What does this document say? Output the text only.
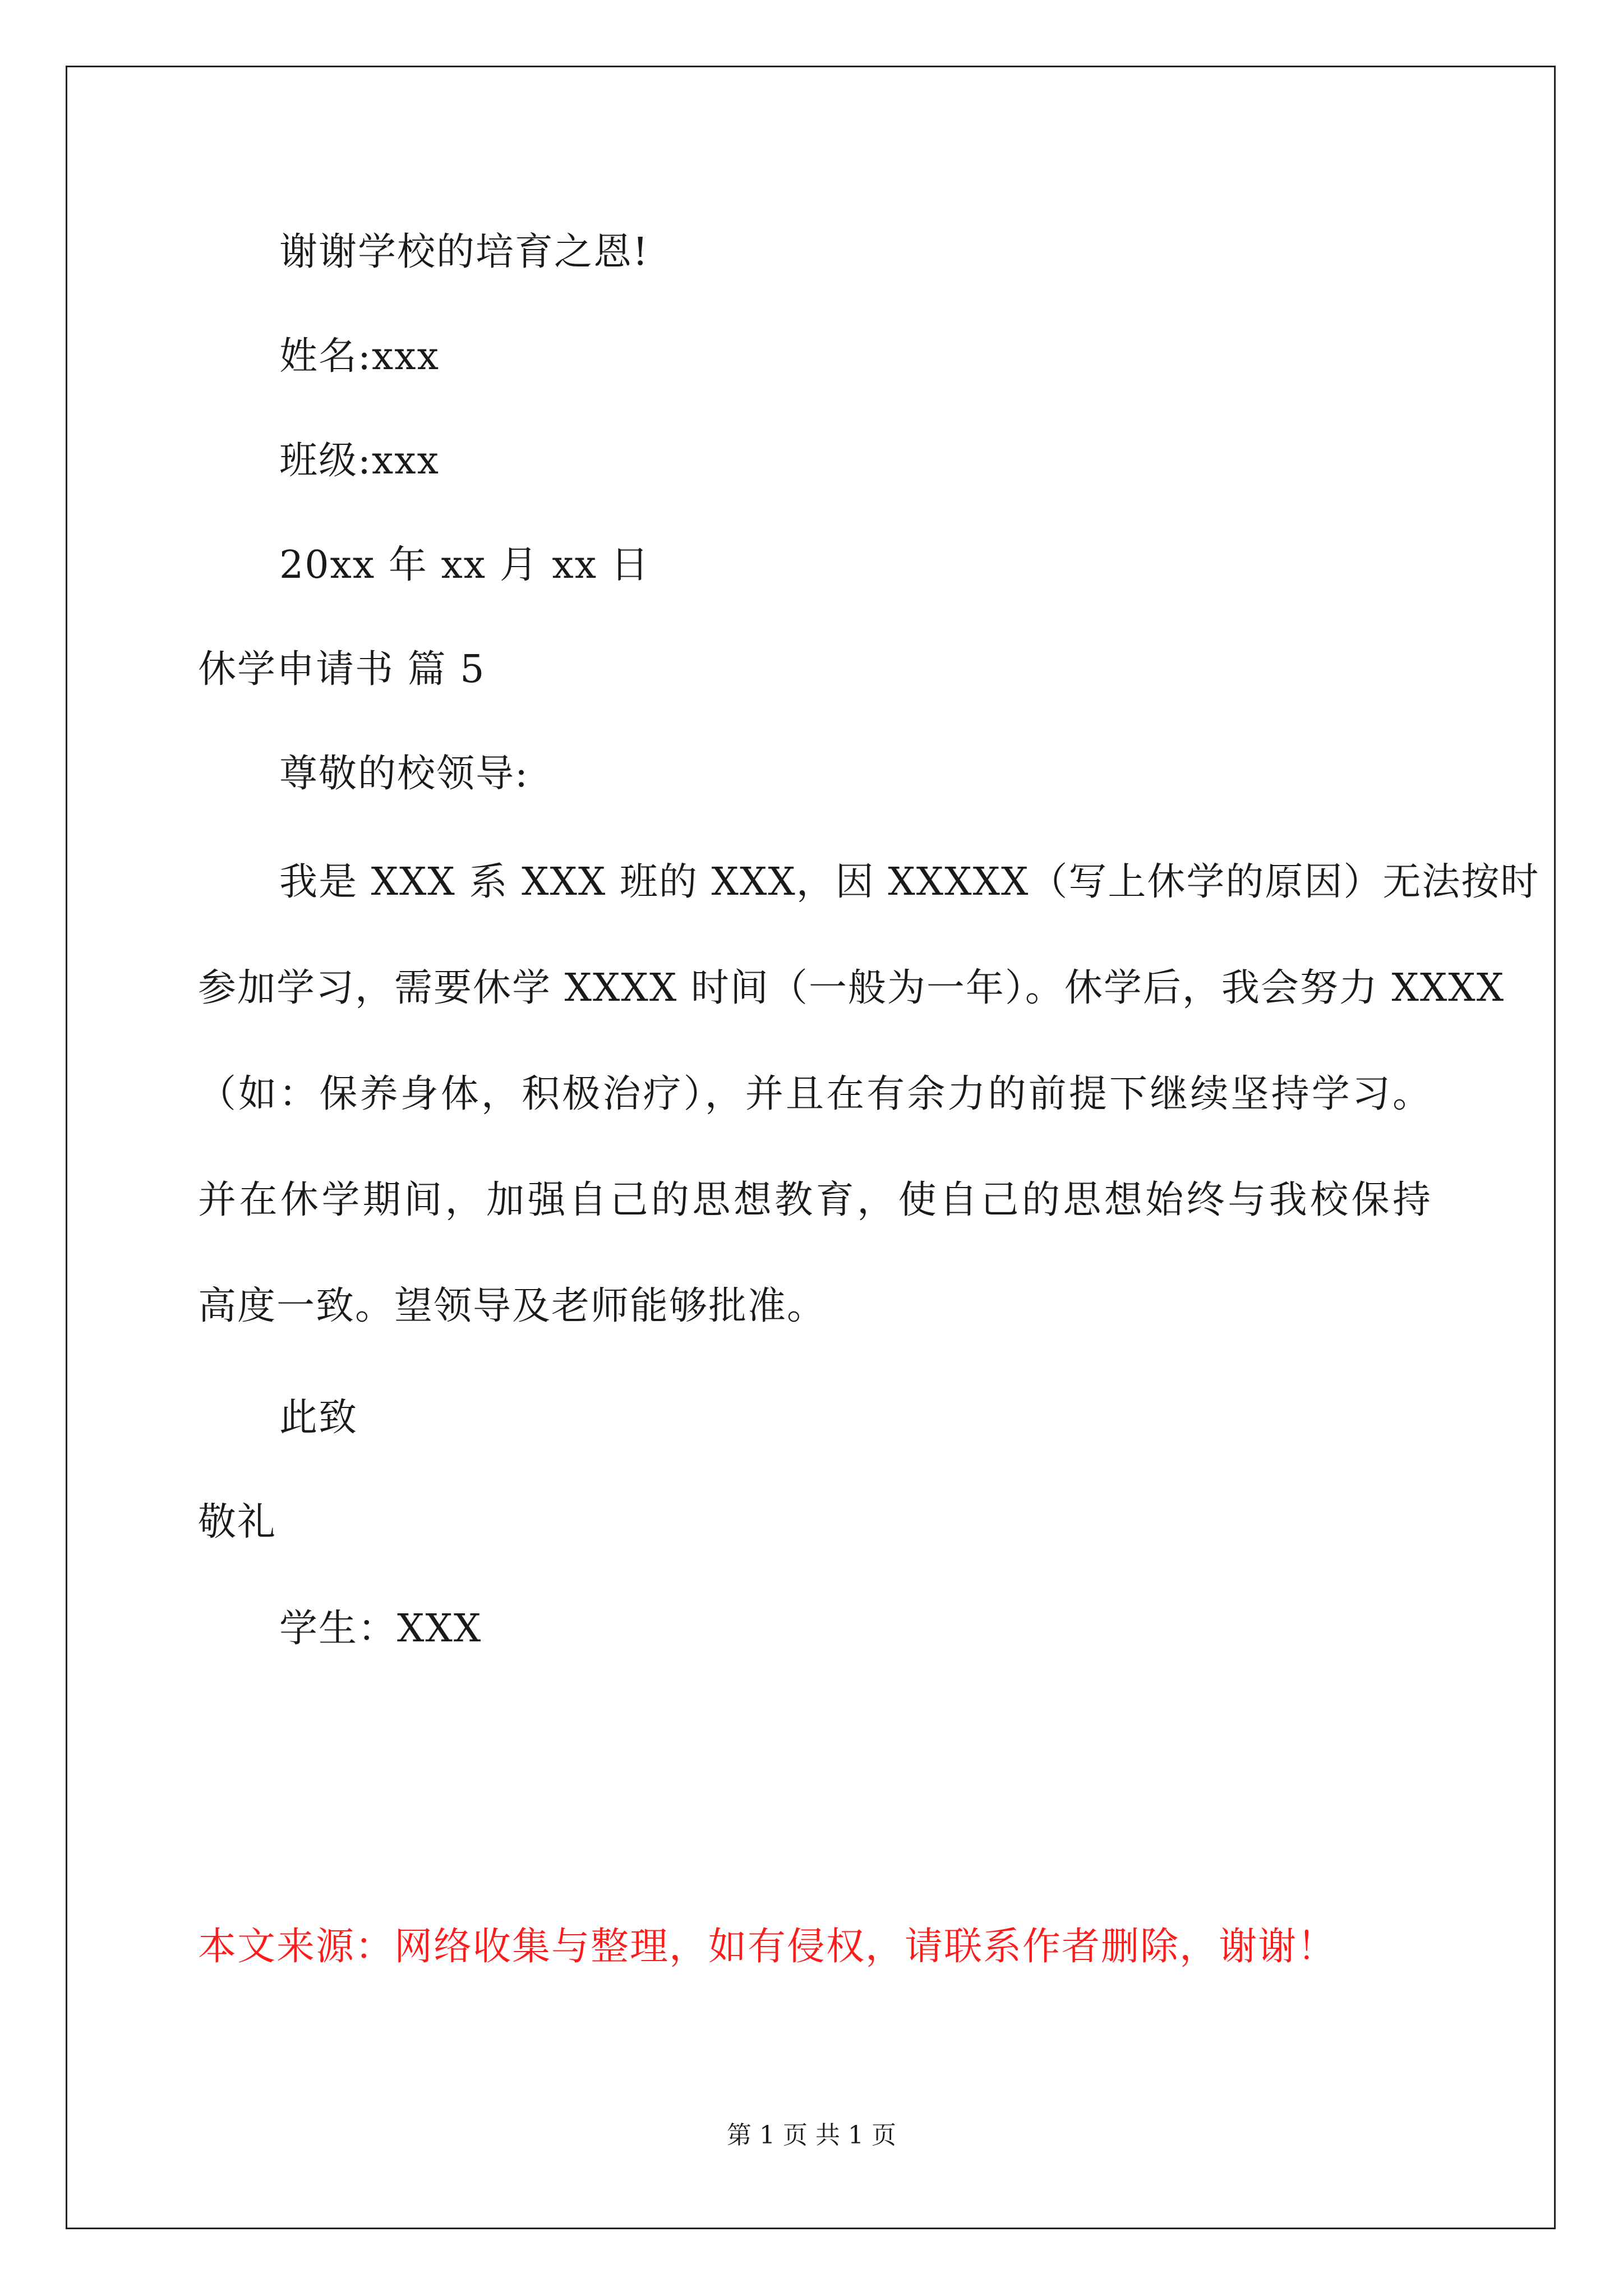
谢谢学校的培育之恩!
姓名:xxx
班级:xxx
20xx 年 xx 月 xx 日
休学申请书 篇 5
尊敬的校领导:
我是 XXX 系 XXX 班的 XXX，因 XXXXX（写上休学的原因）无法按时
参加学习，需要休学 XXXX 时间（一般为一年）。休学后，我会努力 XXXX
（如：保养身体，积极治疗），并且在有余力的前提下继续坚持学习。
并在休学期间，加强自己的思想教育，使自己的思想始终与我校保持
高度一致。望领导及老师能够批准。
此致
敬礼
学生：XXX
本文来源：网络收集与整理，如有侵权，请联系作者删除，谢谢！
第 1 页 共 1 页
